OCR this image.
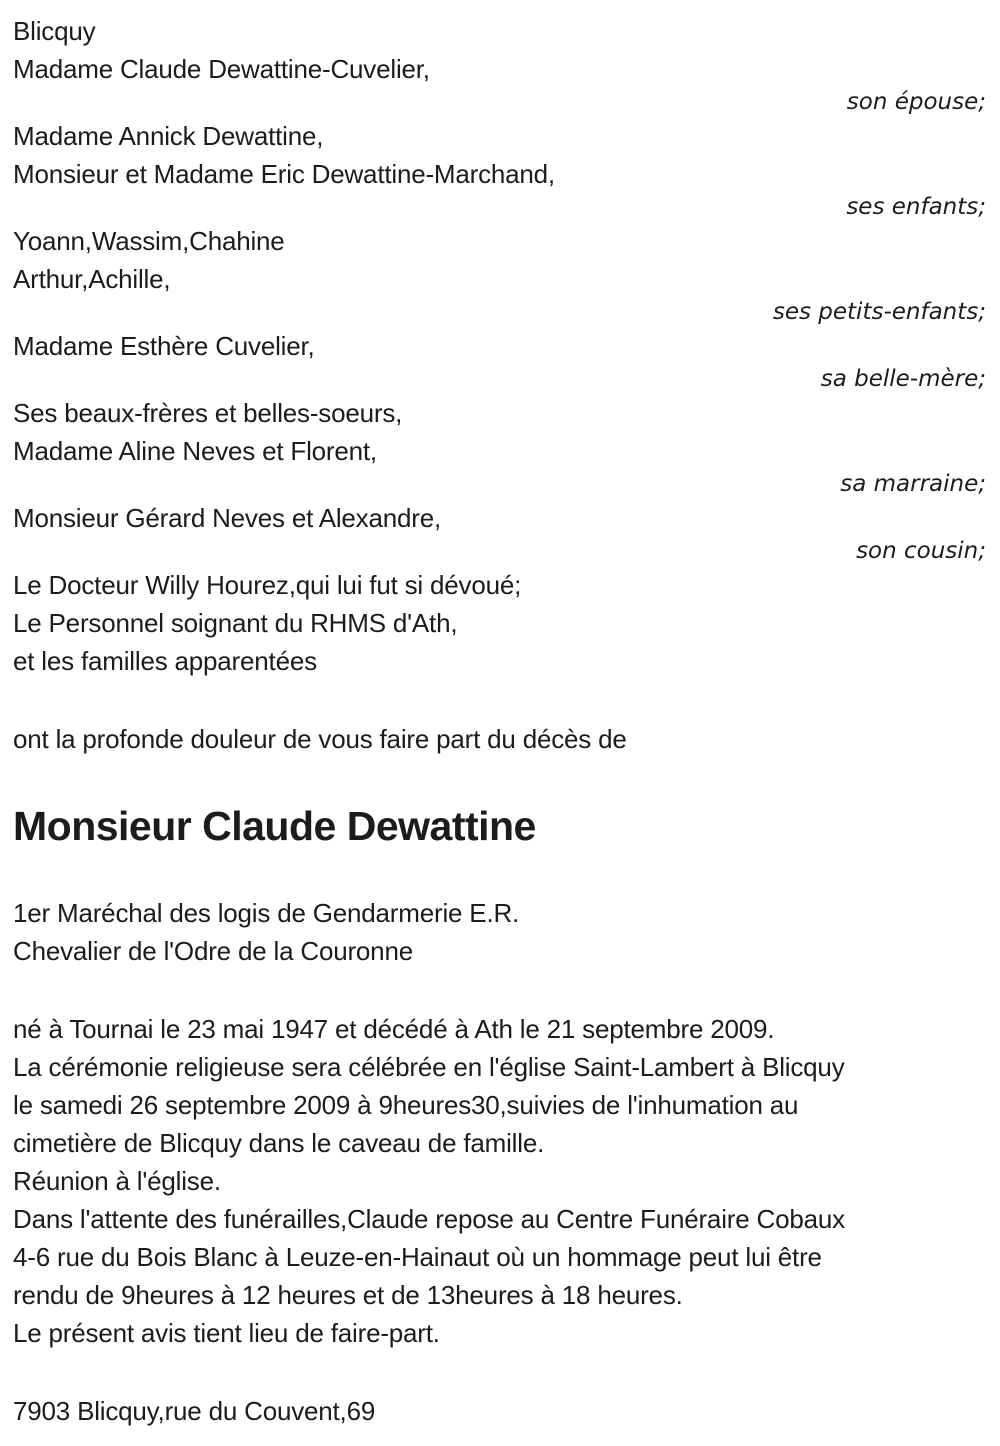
Blicquy
Madame Claude Dewattine-Cuvelier,
son épouse;
Madame Annick Dewattine,
Monsieur et Madame Eric Dewattine-Marchand,
ses enfants;
Yoann,Wassim,Chahine
Arthur,Achille,
ses petits-enfants;
Madame Esthère Cuvelier,
sa belle-mère;
Ses beaux-frères et belles-soeurs,
Madame Aline Neves et Florent,
sa marraine;
Monsieur Gérard Neves et Alexandre,
son cousin;
Le Docteur Willy Hourez,qui lui fut si dévoué;
Le Personnel soignant du RHMS d'Ath,
et les familles apparentées
ont la profonde douleur de vous faire part du décès de
Monsieur Claude Dewattine
1er Maréchal des logis de Gendarmerie E.R.
Chevalier de l'Odre de la Couronne
né à Tournai le 23 mai 1947 et décédé à Ath le 21 septembre 2009.
La cérémonie religieuse sera célébrée en l'église Saint-Lambert à Blicquy
le samedi 26 septembre 2009 à 9heures30,suivies de l'inhumation au
cimetière de Blicquy dans le caveau de famille.
Réunion à l'église.
Dans l'attente des funérailles,Claude repose au Centre Funéraire Cobaux
4-6 rue du Bois Blanc à Leuze-en-Hainaut où un hommage peut lui être
rendu de 9heures à 12 heures et de 13heures à 18 heures.
Le présent avis tient lieu de faire-part.
7903 Blicquy,rue du Couvent,69
